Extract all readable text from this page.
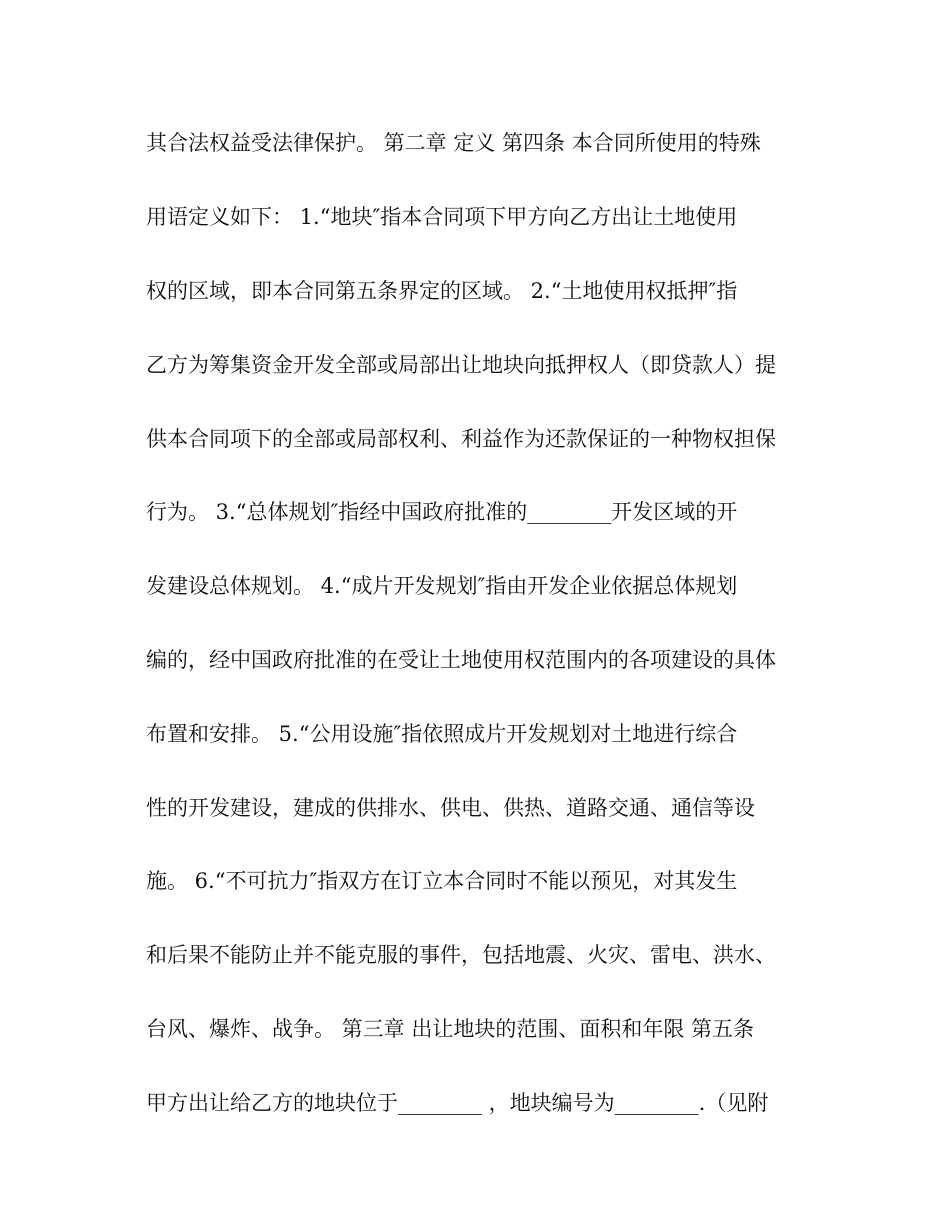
其合法权益受法律保护。 第二章 定义 第四条 本合同所使用的特殊

用语定义如下： 1.“地块″指本合同项下甲方向乙方出让土地使用

权的区域，即本合同第五条界定的区域。 2.“土地使用权抵押″指

乙方为筹集资金开发全部或局部出让地块向抵押权人（即贷款人）提

供本合同项下的全部或局部权利、利益作为还款保证的一种物权担保

行为。 3.“总体规划″指经中国政府批准的________开发区域的开

发建设总体规划。 4.“成片开发规划″指由开发企业依据总体规划

编的，经中国政府批准的在受让土地使用权范围内的各项建设的具体

布置和安排。 5.“公用设施″指依照成片开发规划对土地进行综合

性的开发建设，建成的供排水、供电、供热、道路交通、通信等设

施。 6.“不可抗力″指双方在订立本合同时不能以预见，对其发生

和后果不能防止并不能克服的事件，包括地震、火灾、雷电、洪水、

台风、爆炸、战争。 第三章 出让地块的范围、面积和年限 第五条

甲方出让给乙方的地块位于________ ，地块编号为________.（见附
